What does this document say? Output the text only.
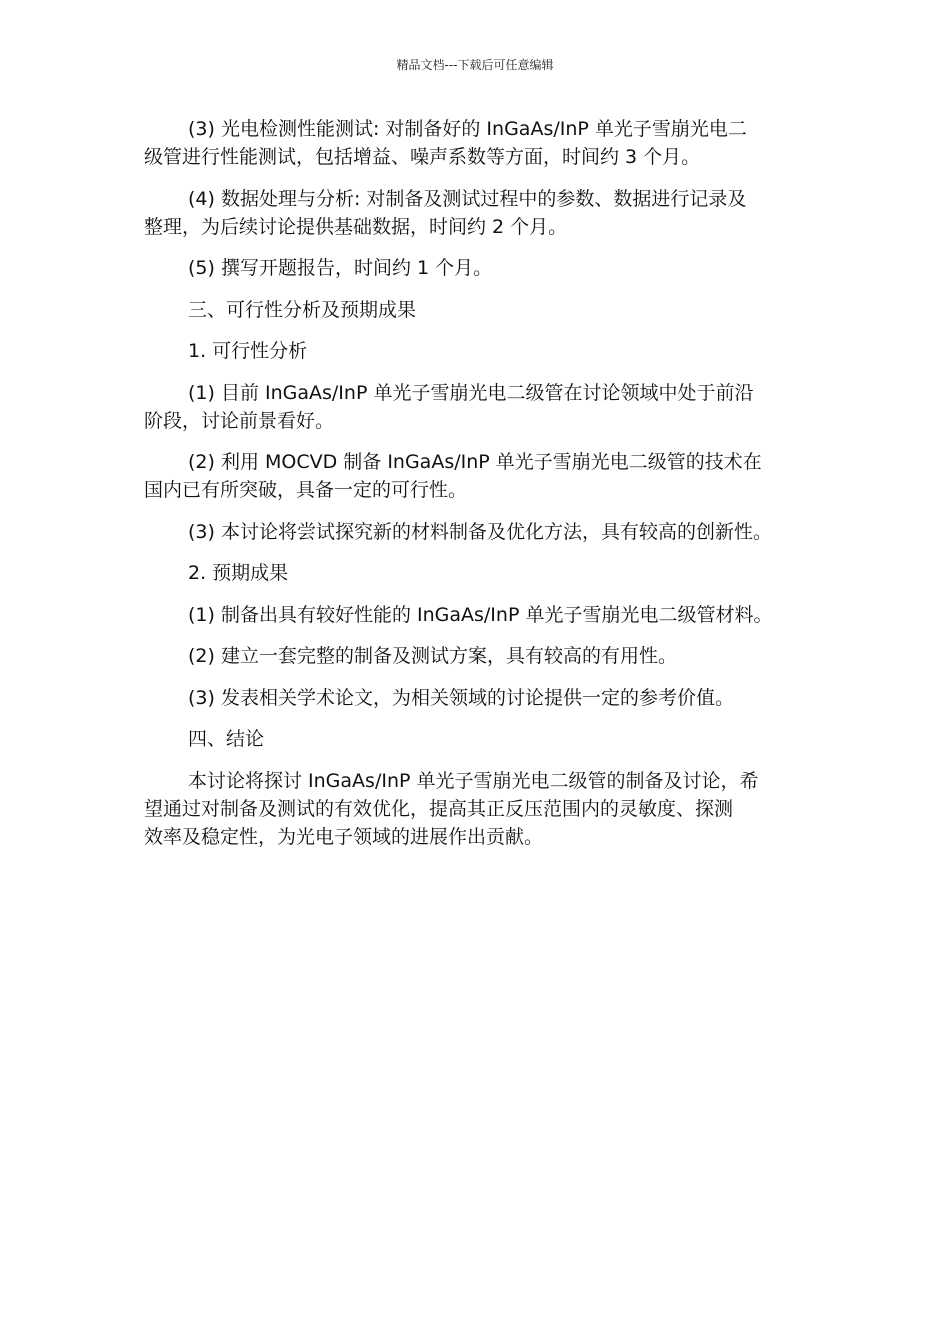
精品文档---下载后可任意编辑

(3) 光电检测性能测试: 对制备好的 InGaAs/InP 单光子雪崩光电二
级管进行性能测试，包括增益、噪声系数等方面，时间约 3 个月。

(4) 数据处理与分析: 对制备及测试过程中的参数、数据进行记录及
整理，为后续讨论提供基础数据，时间约 2 个月。

(5) 撰写开题报告，时间约 1 个月。

三、可行性分析及预期成果

1. 可行性分析

(1) 目前 InGaAs/InP 单光子雪崩光电二级管在讨论领域中处于前沿
阶段，讨论前景看好。

(2) 利用 MOCVD 制备 InGaAs/InP 单光子雪崩光电二级管的技术在
国内已有所突破，具备一定的可行性。

(3) 本讨论将尝试探究新的材料制备及优化方法，具有较高的创新性。

2. 预期成果

(1) 制备出具有较好性能的 InGaAs/InP 单光子雪崩光电二级管材料。

(2) 建立一套完整的制备及测试方案，具有较高的有用性。

(3) 发表相关学术论文，为相关领域的讨论提供一定的参考价值。

四、结论

本讨论将探讨 InGaAs/InP 单光子雪崩光电二级管的制备及讨论，希
望通过对制备及测试的有效优化，提高其正反压范围内的灵敏度、探测
效率及稳定性，为光电子领域的进展作出贡献。
